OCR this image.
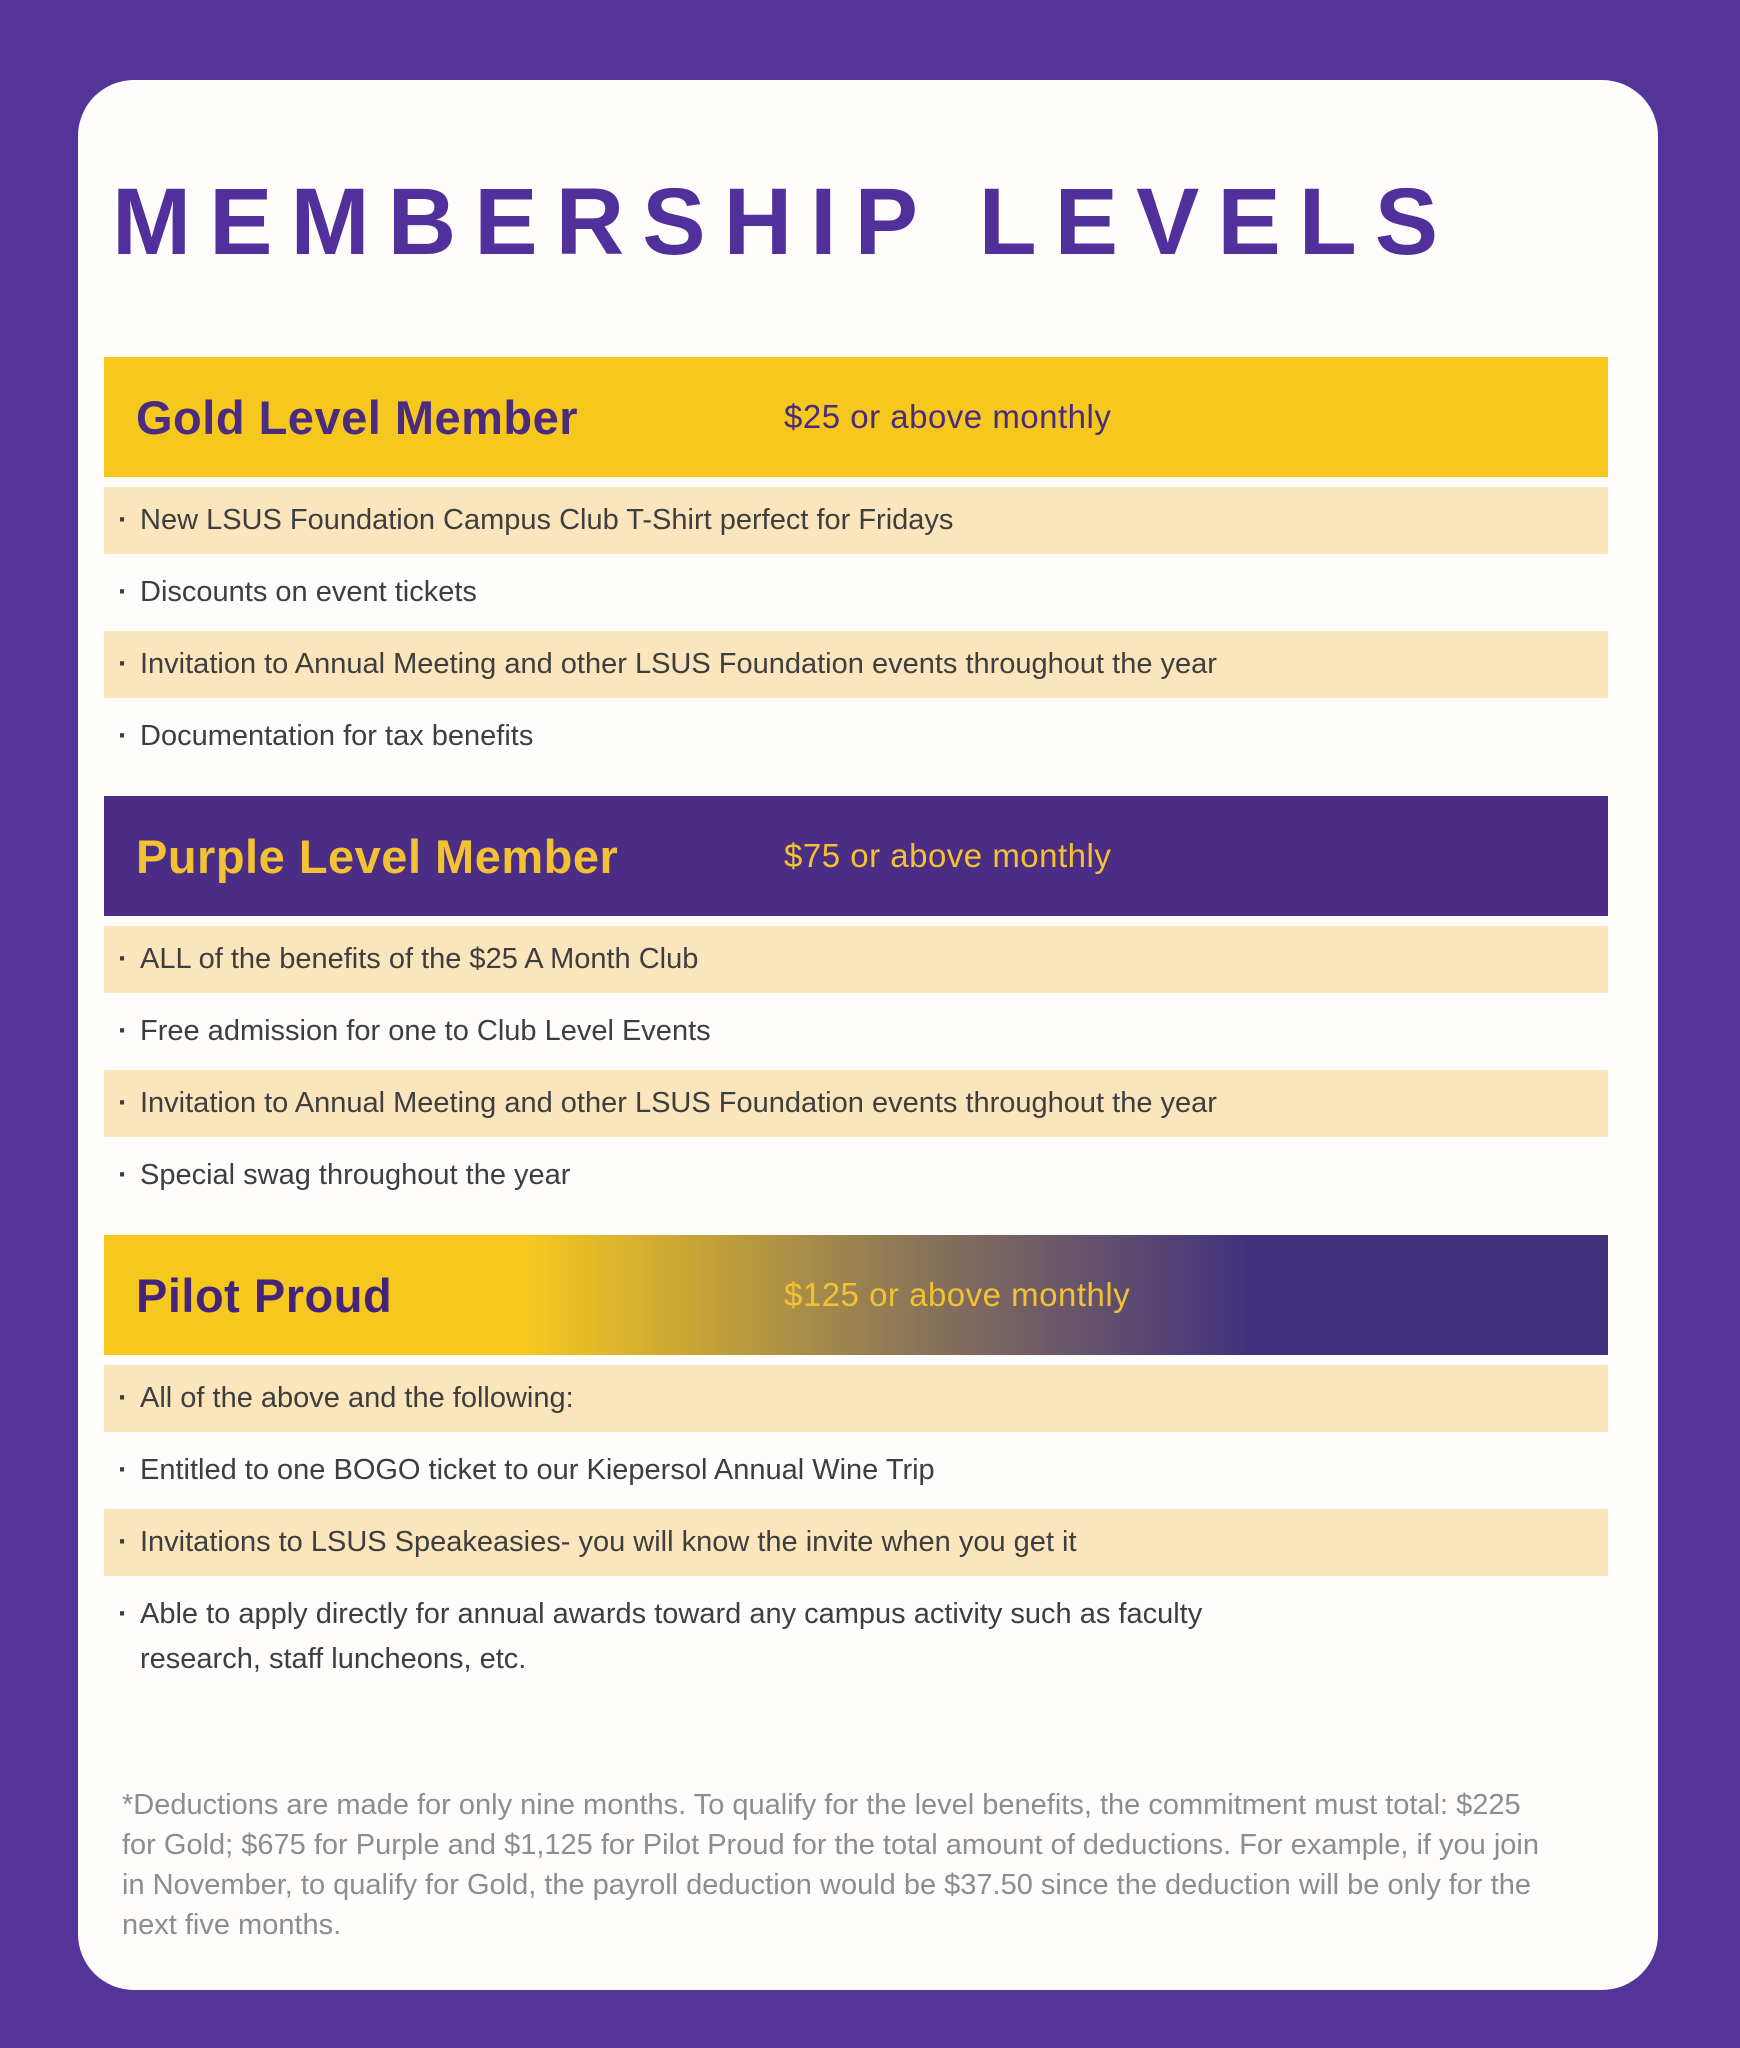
MEMBERSHIP LEVELS
Gold Level Member	$25 or above monthly
· New LSUS Foundation Campus Club T-Shirt perfect for Fridays
· Discounts on event tickets
· Invitation to Annual Meeting and other LSUS Foundation events throughout the year
· Documentation for tax benefits
Purple Level Member	$75 or above monthly
· ALL of the benefits of the $25 A Month Club
· Free admission for one to Club Level Events
· Invitation to Annual Meeting and other LSUS Foundation events throughout the year
· Special swag throughout the year
Pilot Proud	$125 or above monthly
· All of the above and the following:
· Entitled to one BOGO ticket to our Kiepersol Annual Wine Trip
· Invitations to LSUS Speakeasies- you will know the invite when you get it
· Able to apply directly for annual awards toward any campus activity such as faculty research, staff luncheons, etc.

*Deductions are made for only nine months. To qualify for the level benefits, the commitment must total: $225 for Gold; $675 for Purple and $1,125 for Pilot Proud for the total amount of deductions. For example, if you join in November, to qualify for Gold, the payroll deduction would be $37.50 since the deduction will be only for the next five months.
